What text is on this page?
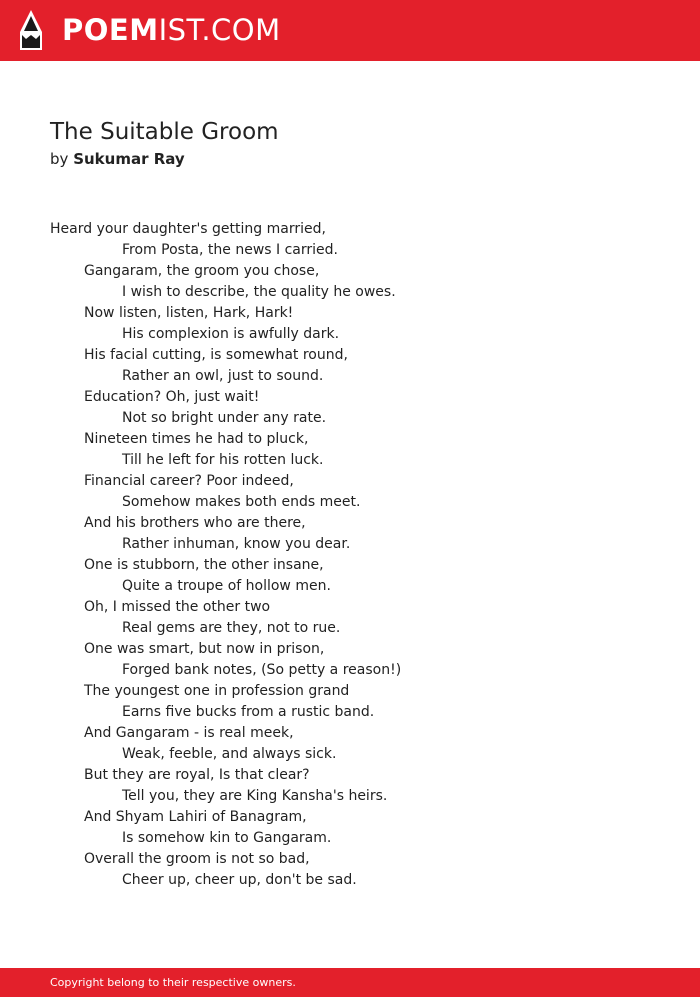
POEMIST.COM
The Suitable Groom
by Sukumar Ray
Heard your daughter's getting married,
From Posta, the news I carried.
Gangaram, the groom you chose,
I wish to describe, the quality he owes.
Now listen, listen, Hark, Hark!
His complexion is awfully dark.
His facial cutting, is somewhat round,
Rather an owl, just to sound.
Education? Oh, just wait!
Not so bright under any rate.
Nineteen times he had to pluck,
Till he left for his rotten luck.
Financial career? Poor indeed,
Somehow makes both ends meet.
And his brothers who are there,
Rather inhuman, know you dear.
One is stubborn, the other insane,
Quite a troupe of hollow men.
Oh, I missed the other two
Real gems are they, not to rue.
One was smart, but now in prison,
Forged bank notes, (So petty a reason!)
The youngest one in profession grand
Earns five bucks from a rustic band.
And Gangaram - is real meek,
Weak, feeble, and always sick.
But they are royal, Is that clear?
Tell you, they are King Kansha's heirs.
And Shyam Lahiri of Banagram,
Is somehow kin to Gangaram.
Overall the groom is not so bad,
Cheer up, cheer up, don't be sad.
Copyright belong to their respective owners.
